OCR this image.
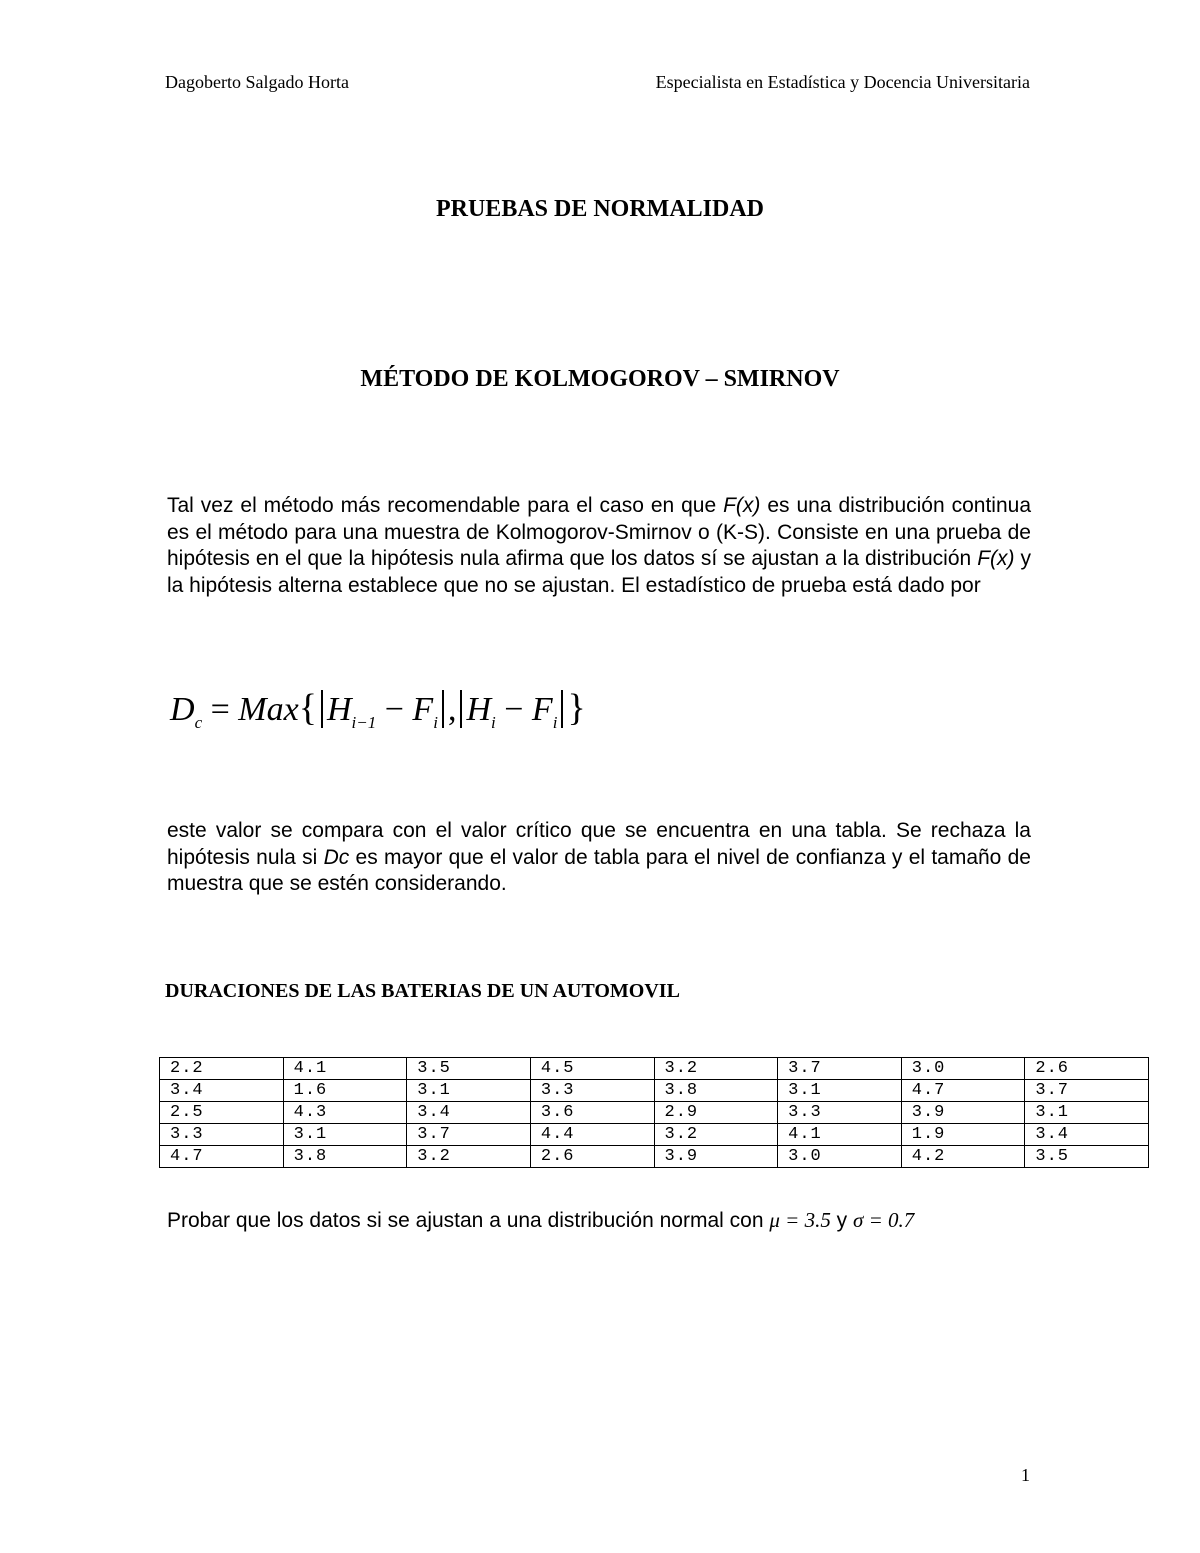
Dagoberto Salgado Horta	Especialista en Estadística y Docencia Universitaria
PRUEBAS DE NORMALIDAD
MÉTODO DE KOLMOGOROV – SMIRNOV
Tal vez el método más recomendable para el caso en que F(x) es una distribución continua es el método para una muestra de Kolmogorov-Smirnov o (K-S). Consiste en una prueba de hipótesis en el que la hipótesis nula afirma que los datos sí se ajustan a la distribución F(x) y la hipótesis alterna establece que no se ajustan. El estadístico de prueba está dado por
$D_c = Max${ $H_{i-1} - F_i$ , $H_i - F_i$ }
este valor se compara con el valor crítico que se encuentra en una tabla. Se rechaza la hipótesis nula si Dc es mayor que el valor de tabla para el nivel de confianza y el tamaño de muestra que se estén considerando.
DURACIONES DE LAS BATERIAS DE UN AUTOMOVIL
2.2	4.1	3.5	4.5	3.2	3.7	3.0	2.6
3.4	1.6	3.1	3.3	3.8	3.1	4.7	3.7
2.5	4.3	3.4	3.6	2.9	3.3	3.9	3.1
3.3	3.1	3.7	4.4	3.2	4.1	1.9	3.4
4.7	3.8	3.2	2.6	3.9	3.0	4.2	3.5
Probar que los datos si se ajustan a una distribución normal con μ = 3.5 y σ = 0.7
1
